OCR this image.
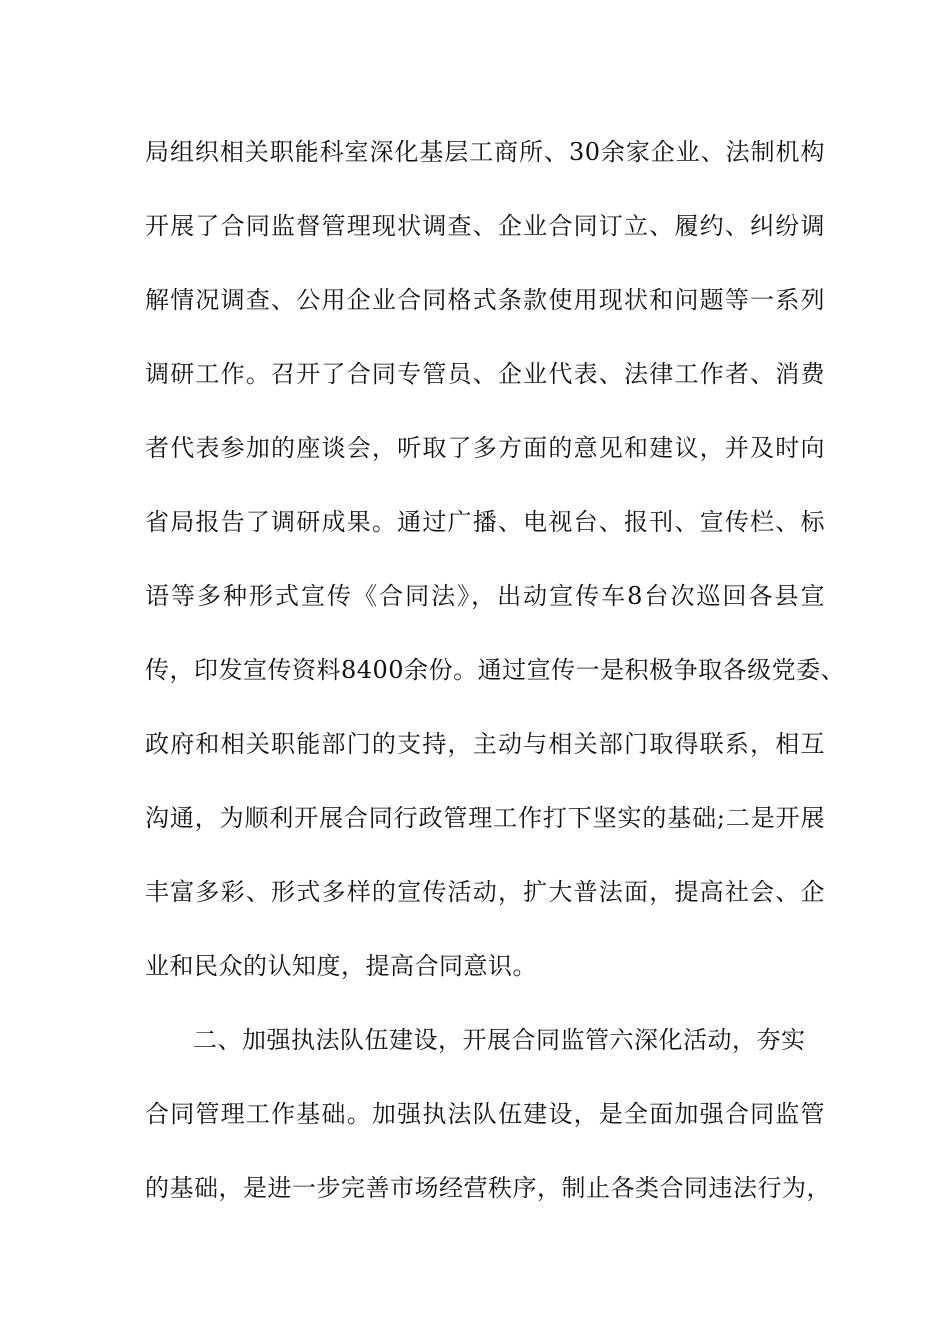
局组织相关职能科室深化基层工商所、30余家企业、法制机构
开展了合同监督管理现状调查、企业合同订立、履约、纠纷调
解情况调查、公用企业合同格式条款使用现状和问题等一系列
调研工作。召开了合同专管员、企业代表、法律工作者、消费
者代表参加的座谈会，听取了多方面的意见和建议，并及时向
省局报告了调研成果。通过广播、电视台、报刊、宣传栏、标
语等多种形式宣传《合同法》，出动宣传车8台次巡回各县宣
传，印发宣传资料8400余份。通过宣传一是积极争取各级党委、
政府和相关职能部门的支持，主动与相关部门取得联系，相互
沟通，为顺利开展合同行政管理工作打下坚实的基础;二是开展
丰富多彩、形式多样的宣传活动，扩大普法面，提高社会、企
业和民众的认知度，提高合同意识。
二、加强执法队伍建设，开展合同监管六深化活动，夯实
合同管理工作基础。加强执法队伍建设，是全面加强合同监管
的基础，是进一步完善市场经营秩序，制止各类合同违法行为，
